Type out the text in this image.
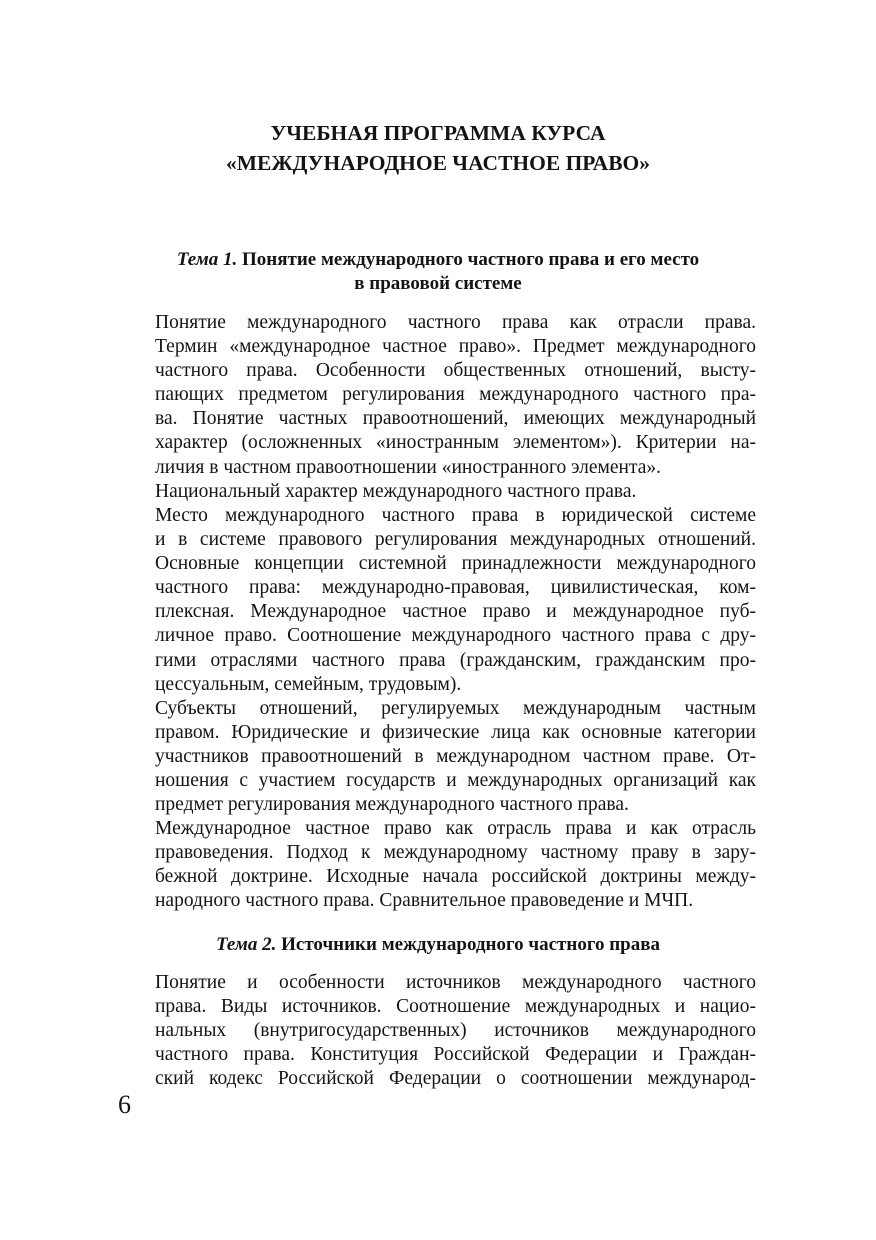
УЧЕБНАЯ ПРОГРАММА КУРСА
«МЕЖДУНАРОДНОЕ ЧАСТНОЕ ПРАВО»
Тема 1. Понятие международного частного права и его место
в правовой системе
Понятие международного частного права как отрасли права.
Термин «международное частное право». Предмет международного
частного права. Особенности общественных отношений, высту-
пающих предметом регулирования международного частного пра-
ва. Понятие частных правоотношений, имеющих международный
характер (осложненных «иностранным элементом»). Критерии на-
личия в частном правоотношении «иностранного элемента».
Национальный характер международного частного права.
Место международного частного права в юридической системе
и в системе правового регулирования международных отношений.
Основные концепции системной принадлежности международного
частного права: международно-правовая, цивилистическая, ком-
плексная. Международное частное право и международное пуб-
личное право. Соотношение международного частного права с дру-
гими отраслями частного права (гражданским, гражданским про-
цессуальным, семейным, трудовым).
Субъекты отношений, регулируемых международным частным
правом. Юридические и физические лица как основные категории
участников правоотношений в международном частном праве. От-
ношения с участием государств и международных организаций как
предмет регулирования международного частного права.
Международное частное право как отрасль права и как отрасль
правоведения. Подход к международному частному праву в зару-
бежной доктрине. Исходные начала российской доктрины между-
народного частного права. Сравнительное правоведение и МЧП.
Тема 2. Источники международного частного права
Понятие и особенности источников международного частного
права. Виды источников. Соотношение международных и нацио-
нальных (внутригосударственных) источников международного
частного права. Конституция Российской Федерации и Граждан-
ский кодекс Российской Федерации о соотношении международ-
6
